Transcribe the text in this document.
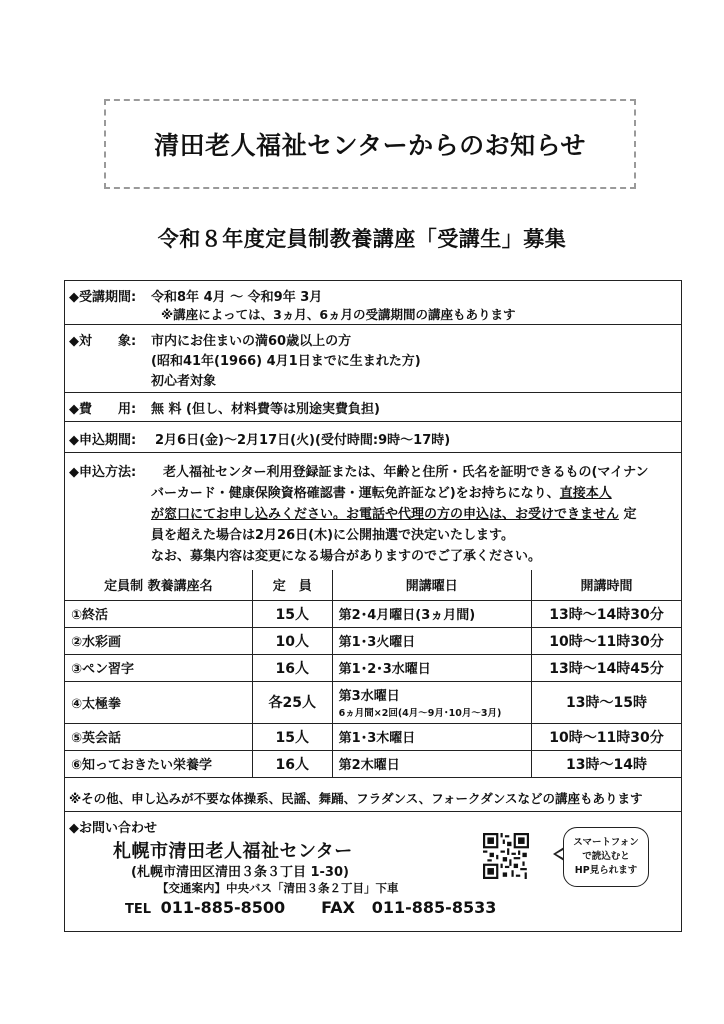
清田老人福祉センターからのお知らせ
令和８年度定員制教養講座「受講生」募集
◆受講期間: 令和8年 4月 ～ 令和9年 3月
※講座によっては、3ヵ月、6ヵ月の受講期間の講座もあります
◆対　　象: 市内にお住まいの満60歳以上の方
(昭和41年(1966) 4月1日までに生まれた方)
初心者対象
◆費　　用: 無 料 (但し、材料費等は別途実費負担)
◆申込期間: 2月6日(金)～2月17日(火)(受付時間:9時～17時)
◆申込方法: 老人福祉センター利用登録証または、年齢と住所・氏名を証明できるもの(マイナン
バーカード・健康保険資格確認書・運転免許証など)をお持ちになり、直接本人
が窓口にてお申し込みください。お電話や代理の方の申込は、お受けできません 定
員を超えた場合は2月26日(木)に公開抽選で決定いたします。
なお、募集内容は変更になる場合がありますのでご了承ください。
定員制 教養講座名	定　員	開講曜日	開講時間
①終活	15人	第2･4月曜日(3ヵ月間)	13時～14時30分
②水彩画	10人	第1･3火曜日	10時～11時30分
③ペン習字	16人	第1･2･3水曜日	13時～14時45分
④太極拳	各25人	第3水曜日
6ヵ月間×2回(4月～9月･10月～3月)	13時～15時
⑤英会話	15人	第1･3木曜日	10時～11時30分
⑥知っておきたい栄養学	16人	第2木曜日	13時～14時
※その他、申し込みが不要な体操系、民謡、舞踊、フラダンス、フォークダンスなどの講座もあります
◆お問い合わせ
札幌市清田老人福祉センター
(札幌市清田区清田３条３丁目 1-30)
【交通案内】中央バス「清田３条２丁目」下車
TEL 011-885-8500 FAX 011-885-8533
スマートフォン
で読込むと
HP見られます
